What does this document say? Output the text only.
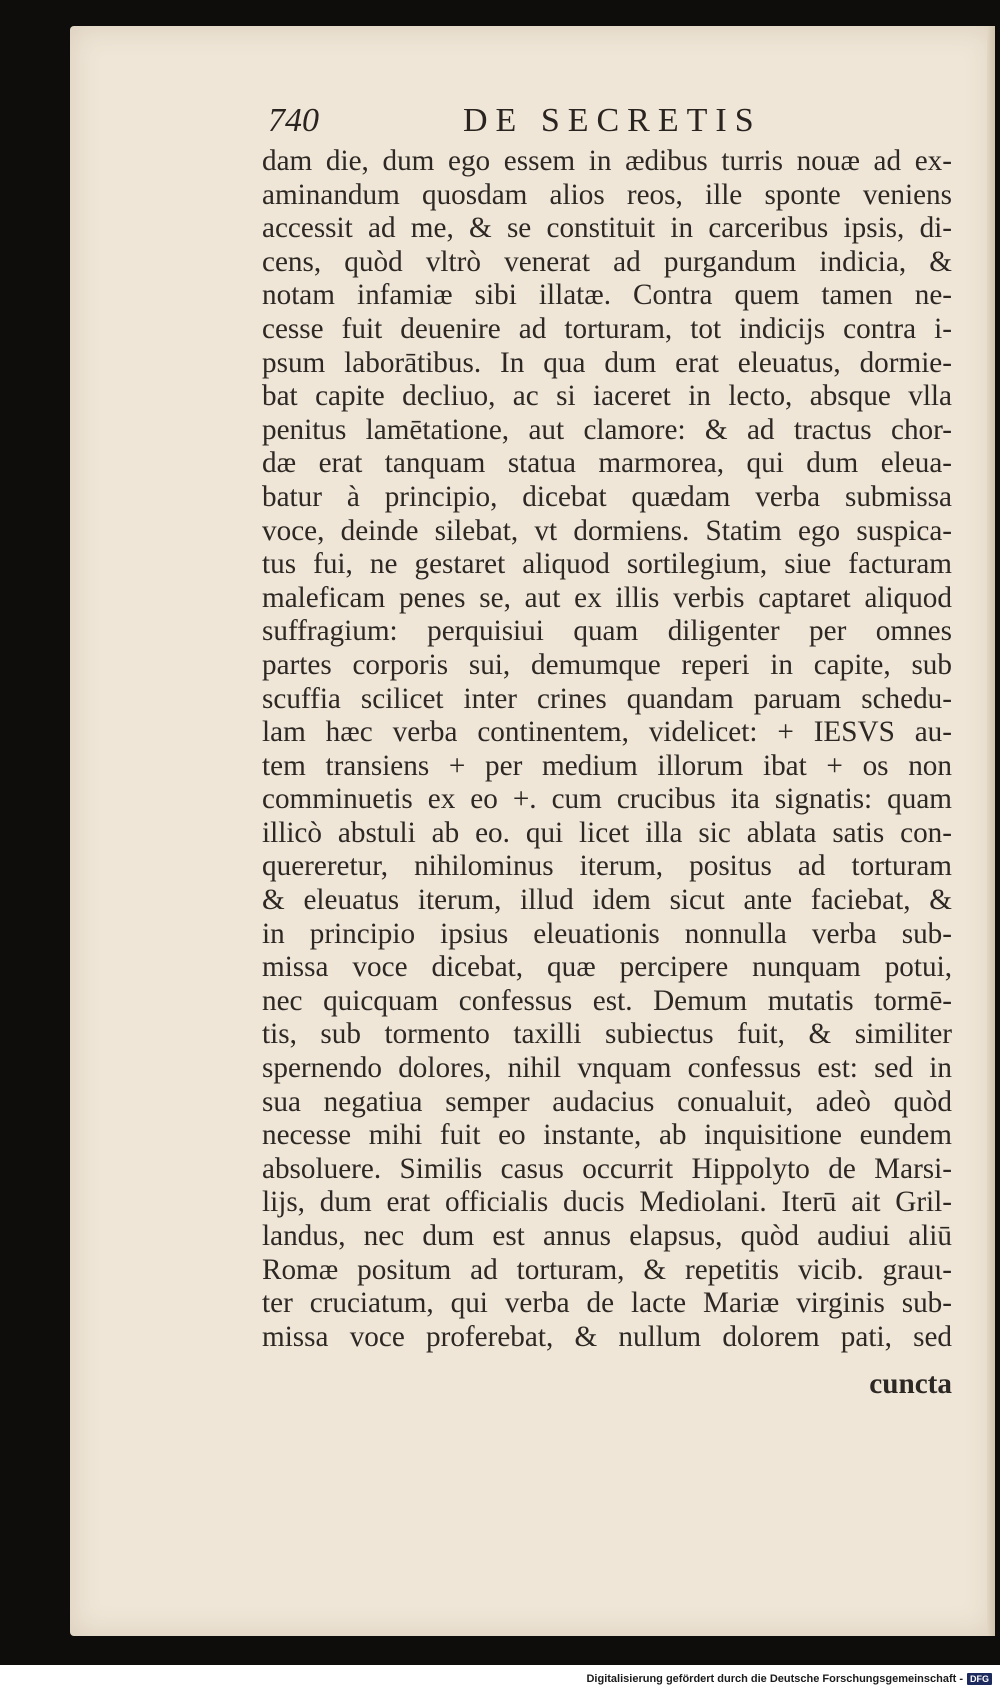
740	DE SECRETIS
dam die, dum ego essem in ædibus turris nouæ ad ex-
aminandum quosdam alios reos, ille sponte veniens
accessit ad me, & se constituit in carceribus ipsis, di-
cens, quòd vltrò venerat ad purgandum indicia, &
notam infamiæ sibi illatæ. Contra quem tamen ne-
cesse fuit deuenire ad torturam, tot indicijs contra i-
psum laborātibus. In qua dum erat eleuatus, dormie-
bat capite decliuo, ac si iaceret in lecto, absque vlla
penitus lamētatione, aut clamore: & ad tractus chor-
dæ erat tanquam statua marmorea, qui dum eleua-
batur à principio, dicebat quædam verba submissa
voce, deinde silebat, vt dormiens. Statim ego suspica-
tus fui, ne gestaret aliquod sortilegium, siue facturam
maleficam penes se, aut ex illis verbis captaret aliquod
suffragium: perquisiui quam diligenter per omnes
partes corporis sui, demumque reperi in capite, sub
scuffia scilicet inter crines quandam paruam schedu-
lam hæc verba continentem, videlicet: + IESVS au-
tem transiens + per medium illorum ibat + os non
comminuetis ex eo +. cum crucibus ita signatis: quam
illicò abstuli ab eo. qui licet illa sic ablata satis con-
quereretur, nihilominus iterum, positus ad torturam
& eleuatus iterum, illud idem sicut ante faciebat, &
in principio ipsius eleuationis nonnulla verba sub-
missa voce dicebat, quæ percipere nunquam potui,
nec quicquam confessus est. Demum mutatis tormē-
tis, sub tormento taxilli subiectus fuit, & similiter
spernendo dolores, nihil vnquam confessus est: sed in
sua negatiua semper audacius conualuit, adeò quòd
necesse mihi fuit eo instante, ab inquisitione eundem
absoluere. Similis casus occurrit Hippolyto de Marsi-
lijs, dum erat officialis ducis Mediolani. Iterū ait Gril-
landus, nec dum est annus elapsus, quòd audiui aliū
Romæ positum ad torturam, & repetitis vicib. grauι-
ter cruciatum, qui verba de lacte Mariæ virginis sub-
missa voce proferebat, & nullum dolorem pati, sed
cuncta
Digitalisierung gefördert durch die Deutsche Forschungsgemeinschaft - DFG
